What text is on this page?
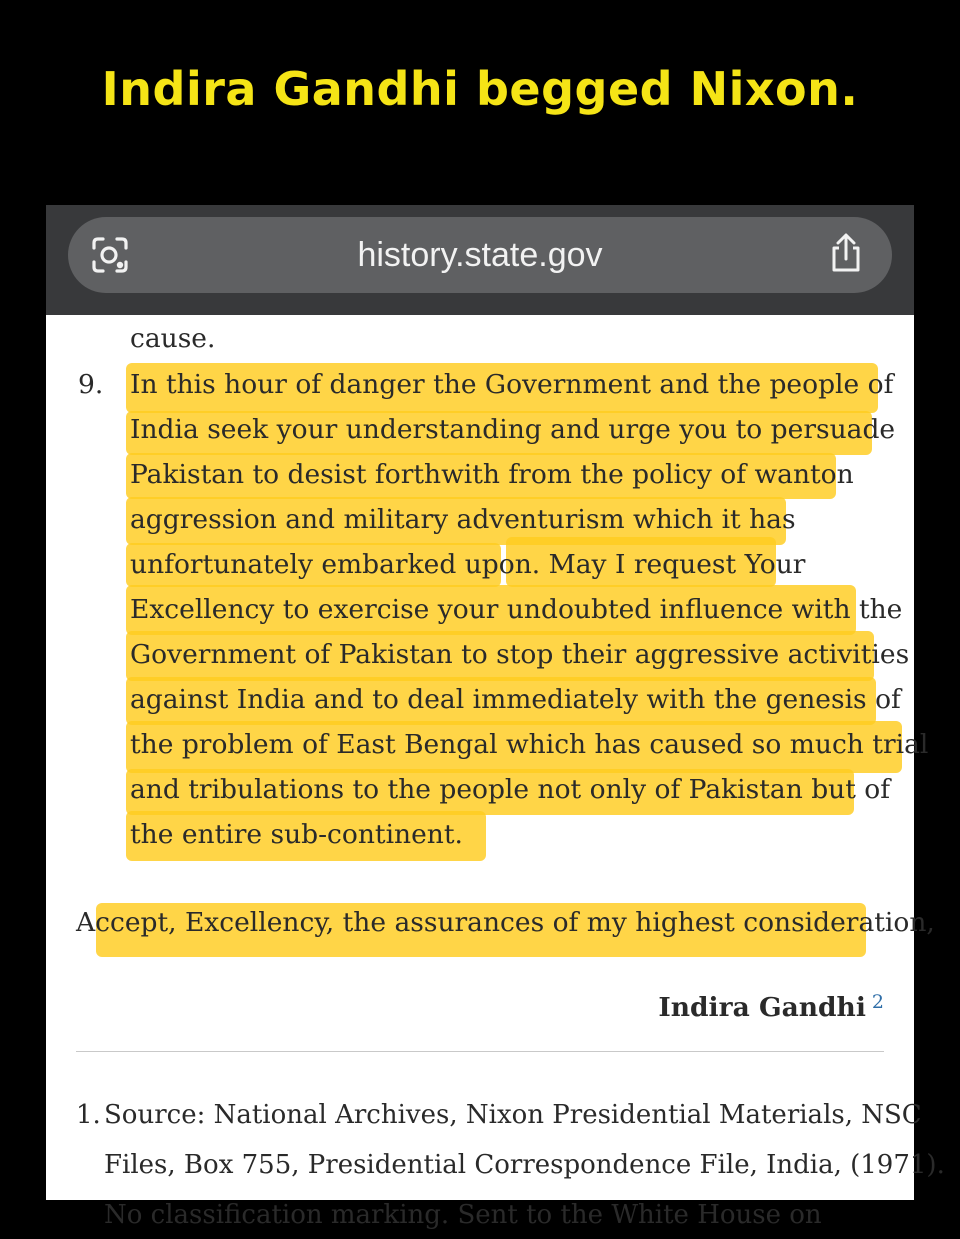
Indira Gandhi begged Nixon.
history.state.gov
cause.
9. In this hour of danger the Government and the people of
India seek your understanding and urge you to persuade
Pakistan to desist forthwith from the policy of wanton
aggression and military adventurism which it has
unfortunately embarked upon. May I request Your
Excellency to exercise your undoubted influence with the
Government of Pakistan to stop their aggressive activities
against India and to deal immediately with the genesis of
the problem of East Bengal which has caused so much trial
and tribulations to the people not only of Pakistan but of
the entire sub-continent.
Accept, Excellency, the assurances of my highest consideration,
Indira Gandhi $^2$
1. Source: National Archives, Nixon Presidential Materials, NSC
Files, Box 755, Presidential Correspondence File, India, (1971).
No classification marking. Sent to the White House on
